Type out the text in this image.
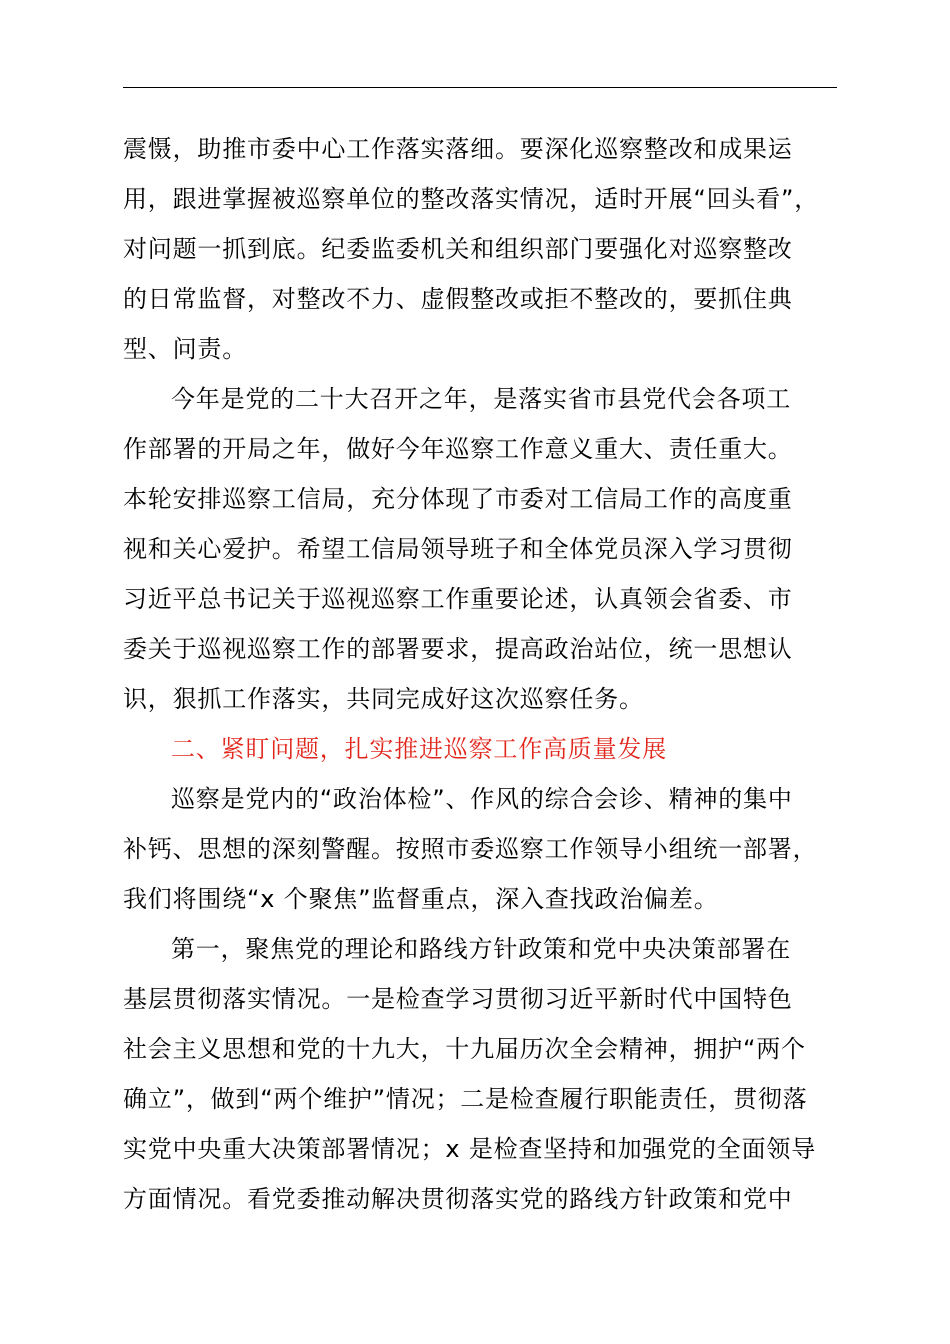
震慑，助推市委中心工作落实落细。要深化巡察整改和成果运
用，跟进掌握被巡察单位的整改落实情况，适时开展“回头看”，
对问题一抓到底。纪委监委机关和组织部门要强化对巡察整改
的日常监督，对整改不力、虚假整改或拒不整改的，要抓住典
型、问责。
今年是党的二十大召开之年，是落实省市县党代会各项工
作部署的开局之年，做好今年巡察工作意义重大、责任重大。
本轮安排巡察工信局，充分体现了市委对工信局工作的高度重
视和关心爱护。希望工信局领导班子和全体党员深入学习贯彻
习近平总书记关于巡视巡察工作重要论述，认真领会省委、市
委关于巡视巡察工作的部署要求，提高政治站位，统一思想认
识，狠抓工作落实，共同完成好这次巡察任务。
二、紧盯问题，扎实推进巡察工作高质量发展
巡察是党内的“政治体检”、作风的综合会诊、精神的集中
补钙、思想的深刻警醒。按照市委巡察工作领导小组统一部署，
我们将围绕“x 个聚焦”监督重点，深入查找政治偏差。
第一，聚焦党的理论和路线方针政策和党中央决策部署在
基层贯彻落实情况。一是检查学习贯彻习近平新时代中国特色
社会主义思想和党的十九大，十九届历次全会精神，拥护“两个
确立”，做到“两个维护”情况；二是检查履行职能责任，贯彻落
实党中央重大决策部署情况；x 是检查坚持和加强党的全面领导
方面情况。看党委推动解决贯彻落实党的路线方针政策和党中
